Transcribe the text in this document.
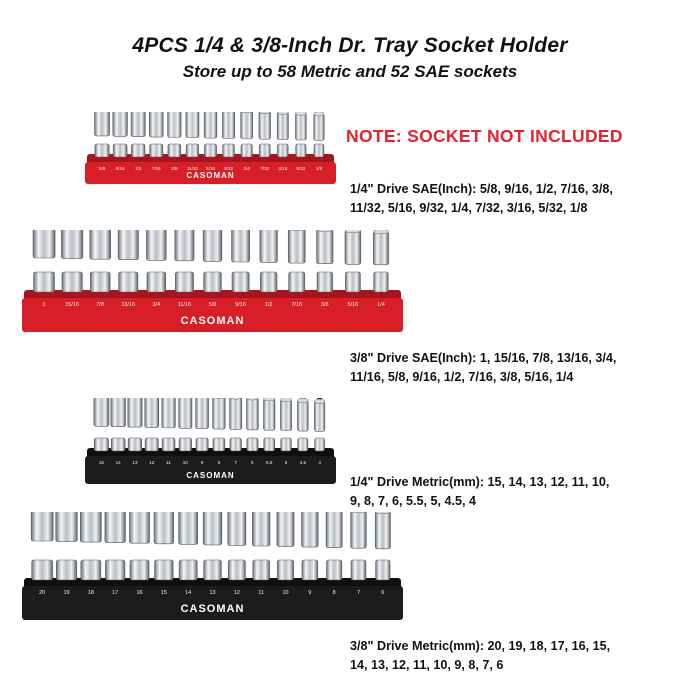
4PCS 1/4 & 3/8-Inch Dr. Tray Socket Holder
Store up to 58 Metric and 52 SAE sockets
NOTE: SOCKET NOT INCLUDED
5/8 9/16 1/2 7/16 3/8 11/32 5/16 9/32 1/4 7/32 3/16 5/32 1/8
CASOMAN
1	15/16	7/8	13/16	3/4	11/16	5/8	9/16	1/2	7/16	3/8	5/16	1/4
CASOMAN
15	14	13	12	11	10	9	8	7	6	5.5	5	4.5	4
CASOMAN
20	19	18	17	16	15	14	13	12	11	10	9	8	7	6
CASOMAN
1/4" Drive SAE(Inch): 5/8, 9/16, 1/2, 7/16, 3/8,
11/32, 5/16, 9/32, 1/4, 7/32, 3/16, 5/32, 1/8
3/8" Drive SAE(Inch): 1, 15/16, 7/8, 13/16, 3/4,
11/16, 5/8, 9/16, 1/2, 7/16, 3/8, 5/16, 1/4
1/4" Drive Metric(mm): 15, 14, 13, 12, 11, 10,
9, 8, 7, 6, 5.5, 5, 4.5, 4
3/8" Drive Metric(mm): 20, 19, 18, 17, 16, 15,
14, 13, 12, 11, 10, 9, 8, 7, 6
